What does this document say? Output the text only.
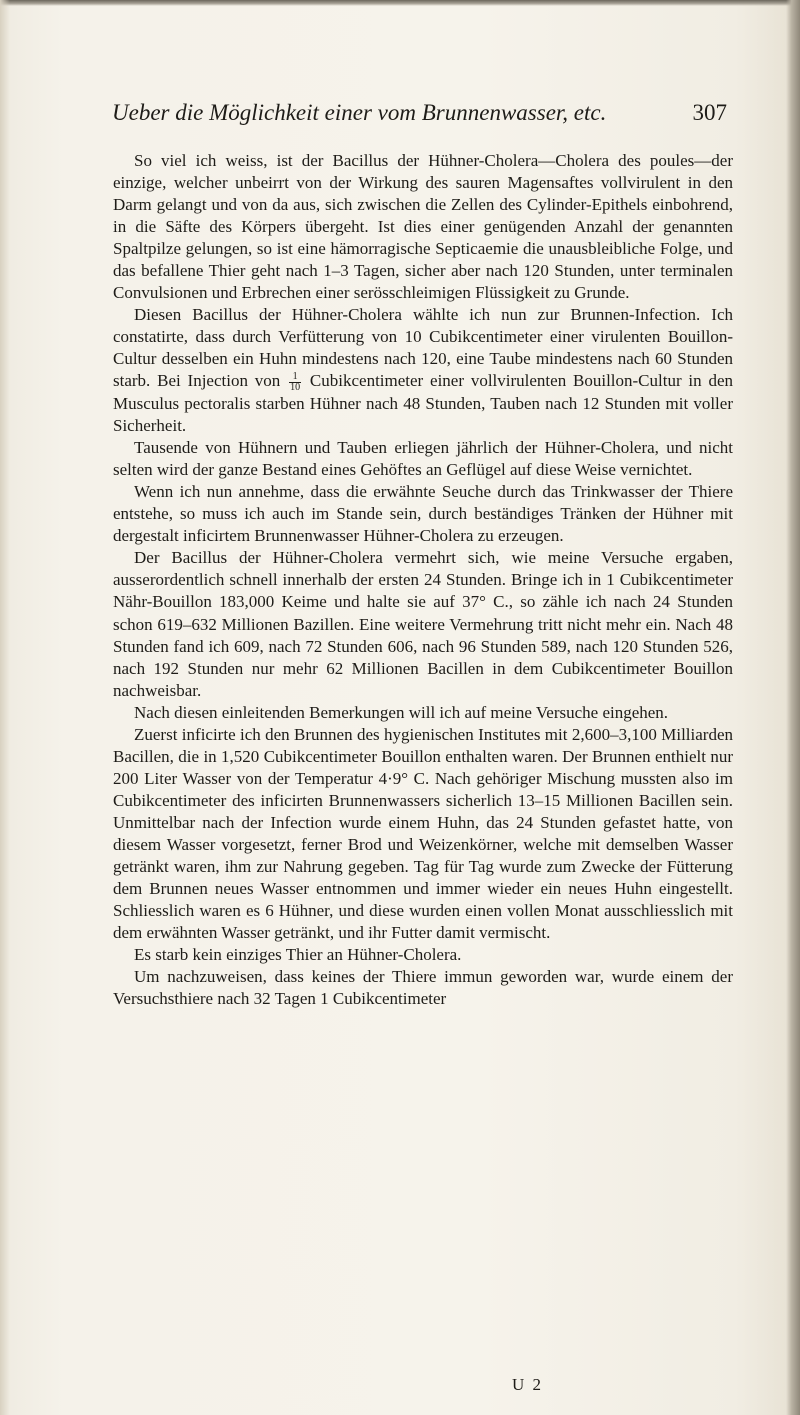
Ueber die Möglichkeit einer vom Brunnenwasser, etc.	307

So viel ich weiss, ist der Bacillus der Hühner-Cholera—Cholera des poules—der einzige, welcher unbeirrt von der Wirkung des sauren Magensaftes vollvirulent in den Darm gelangt und von da aus, sich zwischen die Zellen des Cylinder-Epithels einbohrend, in die Säfte des Körpers übergeht. Ist dies einer genügenden Anzahl der genannten Spaltpilze gelungen, so ist eine hämorragische Septicaemie die unausbleibliche Folge, und das befallene Thier geht nach 1–3 Tagen, sicher aber nach 120 Stunden, unter terminalen Convulsionen und Erbrechen einer serösschleimigen Flüssigkeit zu Grunde.

Diesen Bacillus der Hühner-Cholera wählte ich nun zur Brunnen-Infection. Ich constatirte, dass durch Verfütterung von 10 Cubikcentimeter einer virulenten Bouillon-Cultur desselben ein Huhn mindestens nach 120, eine Taube mindestens nach 60 Stunden starb. Bei Injection von $\frac{1}{10}$ Cubikcentimeter einer vollvirulenten Bouillon-Cultur in den Musculus pectoralis starben Hühner nach 48 Stunden, Tauben nach 12 Stunden mit voller Sicherheit.

Tausende von Hühnern und Tauben erliegen jährlich der Hühner-Cholera, und nicht selten wird der ganze Bestand eines Gehöftes an Geflügel auf diese Weise vernichtet.

Wenn ich nun annehme, dass die erwähnte Seuche durch das Trinkwasser der Thiere entstehe, so muss ich auch im Stande sein, durch beständiges Tränken der Hühner mit dergestalt inficirtem Brunnenwasser Hühner-Cholera zu erzeugen.

Der Bacillus der Hühner-Cholera vermehrt sich, wie meine Versuche ergaben, ausserordentlich schnell innerhalb der ersten 24 Stunden. Bringe ich in 1 Cubikcentimeter Nähr-Bouillon 183,000 Keime und halte sie auf 37° C., so zähle ich nach 24 Stunden schon 619–632 Millionen Bazillen. Eine weitere Vermehrung tritt nicht mehr ein. Nach 48 Stunden fand ich 609, nach 72 Stunden 606, nach 96 Stunden 589, nach 120 Stunden 526, nach 192 Stunden nur mehr 62 Millionen Bacillen in dem Cubikcentimeter Bouillon nachweisbar.

Nach diesen einleitenden Bemerkungen will ich auf meine Versuche eingehen.

Zuerst inficirte ich den Brunnen des hygienischen Institutes mit 2,600–3,100 Milliarden Bacillen, die in 1,520 Cubikcentimeter Bouillon enthalten waren. Der Brunnen enthielt nur 200 Liter Wasser von der Temperatur 4·9° C. Nach gehöriger Mischung mussten also im Cubikcentimeter des inficirten Brunnenwassers sicherlich 13–15 Millionen Bacillen sein. Unmittelbar nach der Infection wurde einem Huhn, das 24 Stunden gefastet hatte, von diesem Wasser vorgesetzt, ferner Brod und Weizenkörner, welche mit demselben Wasser getränkt waren, ihm zur Nahrung gegeben. Tag für Tag wurde zum Zwecke der Fütterung dem Brunnen neues Wasser entnommen und immer wieder ein neues Huhn eingestellt. Schliesslich waren es 6 Hühner, und diese wurden einen vollen Monat ausschliesslich mit dem erwähnten Wasser getränkt, und ihr Futter damit vermischt.

Es starb kein einziges Thier an Hühner-Cholera.

Um nachzuweisen, dass keines der Thiere immun geworden war, wurde einem der Versuchsthiere nach 32 Tagen 1 Cubikcentimeter

U 2
